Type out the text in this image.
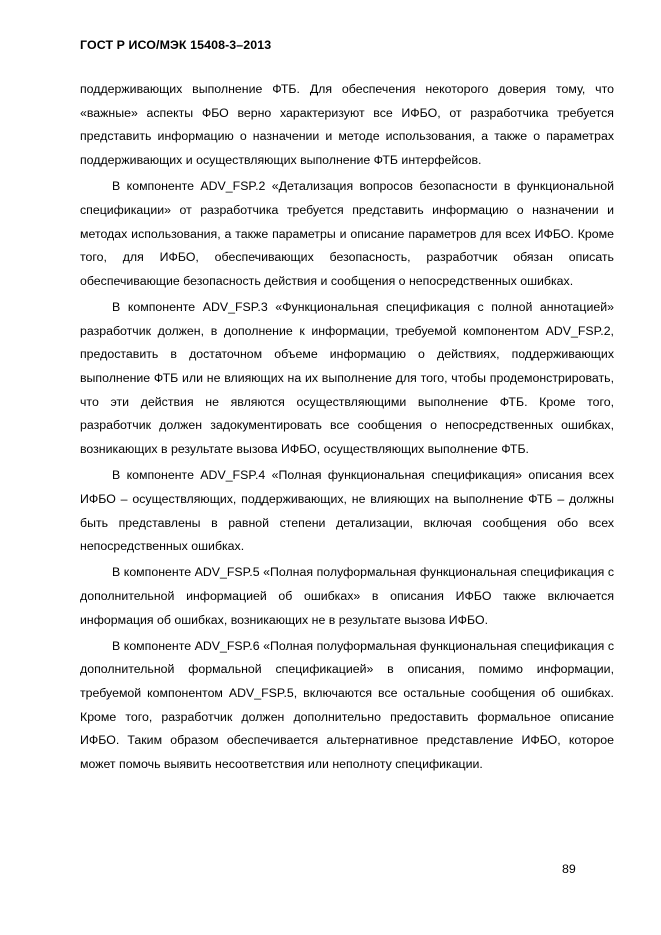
ГОСТ Р ИСО/МЭК 15408-3–2013

поддерживающих выполнение ФТБ. Для обеспечения некоторого доверия тому, что «важные» аспекты ФБО верно характеризуют все ИФБО, от разработчика требуется представить информацию о назначении и методе использования, а также о параметрах поддерживающих и осуществляющих выполнение ФТБ интерфейсов.

В компоненте ADV_FSP.2 «Детализация вопросов безопасности в функциональной спецификации» от разработчика требуется представить информацию о назначении и методах использования, а также параметры и описание параметров для всех ИФБО. Кроме того, для ИФБО, обеспечивающих безопасность, разработчик обязан описать обеспечивающие безопасность действия и сообщения о непосредственных ошибках.

В компоненте ADV_FSP.3 «Функциональная спецификация с полной аннотацией» разработчик должен, в дополнение к информации, требуемой компонентом ADV_FSP.2, предоставить в достаточном объеме информацию о действиях, поддерживающих выполнение ФТБ или не влияющих на их выполнение для того, чтобы продемонстрировать, что эти действия не являются осуществляющими выполнение ФТБ. Кроме того, разработчик должен задокументировать все сообщения о непосредственных ошибках, возникающих в результате вызова ИФБО, осуществляющих выполнение ФТБ.

В компоненте ADV_FSP.4 «Полная функциональная спецификация» описания всех ИФБО – осуществляющих, поддерживающих, не влияющих на выполнение ФТБ – должны быть представлены в равной степени детализации, включая сообщения обо всех непосредственных ошибках.

В компоненте ADV_FSP.5 «Полная полуформальная функциональная спецификация с дополнительной информацией об ошибках» в описания ИФБО также включается информация об ошибках, возникающих не в результате вызова ИФБО.

В компоненте ADV_FSP.6 «Полная полуформальная функциональная спецификация с дополнительной формальной спецификацией» в описания, помимо информации, требуемой компонентом ADV_FSP.5, включаются все остальные сообщения об ошибках. Кроме того, разработчик должен дополнительно предоставить формальное описание ИФБО. Таким образом обеспечивается альтернативное представление ИФБО, которое может помочь выявить несоответствия или неполноту спецификации.

89
